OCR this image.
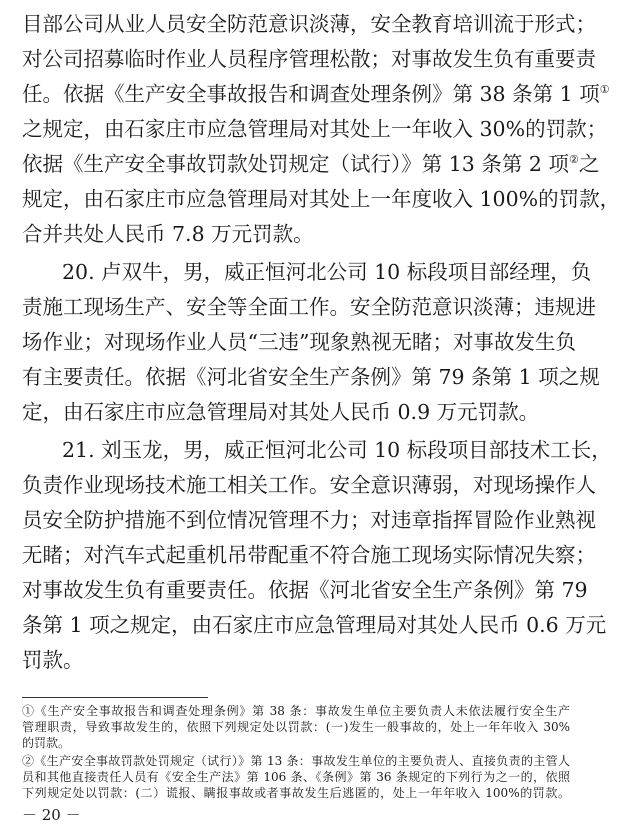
目部公司从业人员安全防范意识淡薄，安全教育培训流于形式；
对公司招募临时作业人员程序管理松散；对事故发生负有重要责
任。依据《生产安全事故报告和调查处理条例》第 38 条第 1 项①
之规定，由石家庄市应急管理局对其处上一年收入 30%的罚款；
依据《生产安全事故罚款处罚规定（试行）》第 13 条第 2 项②之
规定，由石家庄市应急管理局对其处上一年度收入 100%的罚款，
合并共处人民币 7.8 万元罚款。
20. 卢双牛，男，威正恒河北公司 10 标段项目部经理，负
责施工现场生产、安全等全面工作。安全防范意识淡薄；违规进
场作业；对现场作业人员“三违”现象熟视无睹；对事故发生负
有主要责任。依据《河北省安全生产条例》第 79 条第 1 项之规
定，由石家庄市应急管理局对其处人民币 0.9 万元罚款。
21. 刘玉龙，男，威正恒河北公司 10 标段项目部技术工长，
负责作业现场技术施工相关工作。安全意识薄弱，对现场操作人
员安全防护措施不到位情况管理不力；对违章指挥冒险作业熟视
无睹；对汽车式起重机吊带配重不符合施工现场实际情况失察；
对事故发生负有重要责任。依据《河北省安全生产条例》第 79
条第 1 项之规定，由石家庄市应急管理局对其处人民币 0.6 万元
罚款。
①《生产安全事故报告和调查处理条例》第 38 条：事故发生单位主要负责人未依法履行安全生产
管理职责，导致事故发生的，依照下列规定处以罚款：(一)发生一般事故的，处上一年年收入 30%
的罚款。
②《生产安全事故罚款处罚规定（试行）》第 13 条：事故发生单位的主要负责人、直接负责的主管人
员和其他直接责任人员有《安全生产法》第 106 条、《条例》第 36 条规定的下列行为之一的，依照
下列规定处以罚款：(二）谎报、瞒报事故或者事故发生后逃匿的，处上一年年收入 100%的罚款。
－ 20 －
